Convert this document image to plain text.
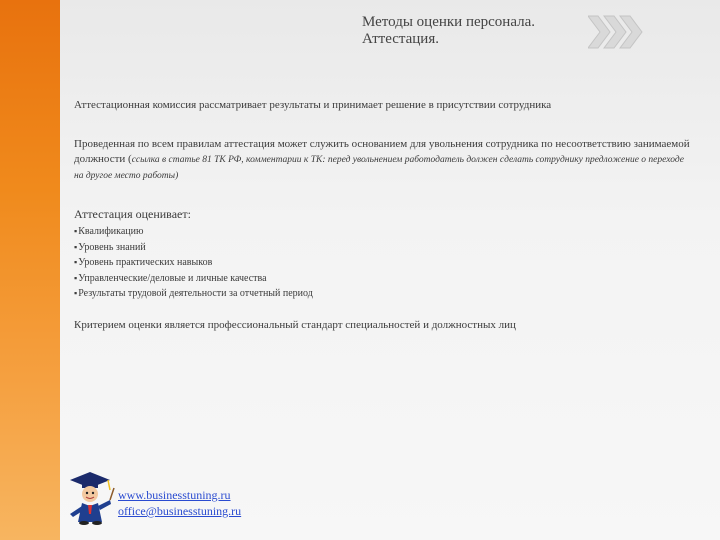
Методы оценки персонала.
Аттестация.
Аттестационная комиссия рассматривает результаты и принимает решение в присутствии сотрудника
Проведенная по всем правилам аттестация может служить основанием для увольнения сотрудника по несоответствию занимаемой должности (ссылка в статье 81 ТК РФ, комментарии к ТК: перед увольнением работодатель должен сделать сотруднику предложение о переходе на другое место работы)
Аттестация оценивает:
▪ Квалификацию
▪ Уровень знаний
▪ Уровень практических навыков
▪ Управленческие/деловые и личные качества
▪ Результаты трудовой деятельности за отчетный период
Критерием оценки является профессиональный стандарт специальностей и должностных лиц
www.businesstuning.ru
office@businesstuning.ru
